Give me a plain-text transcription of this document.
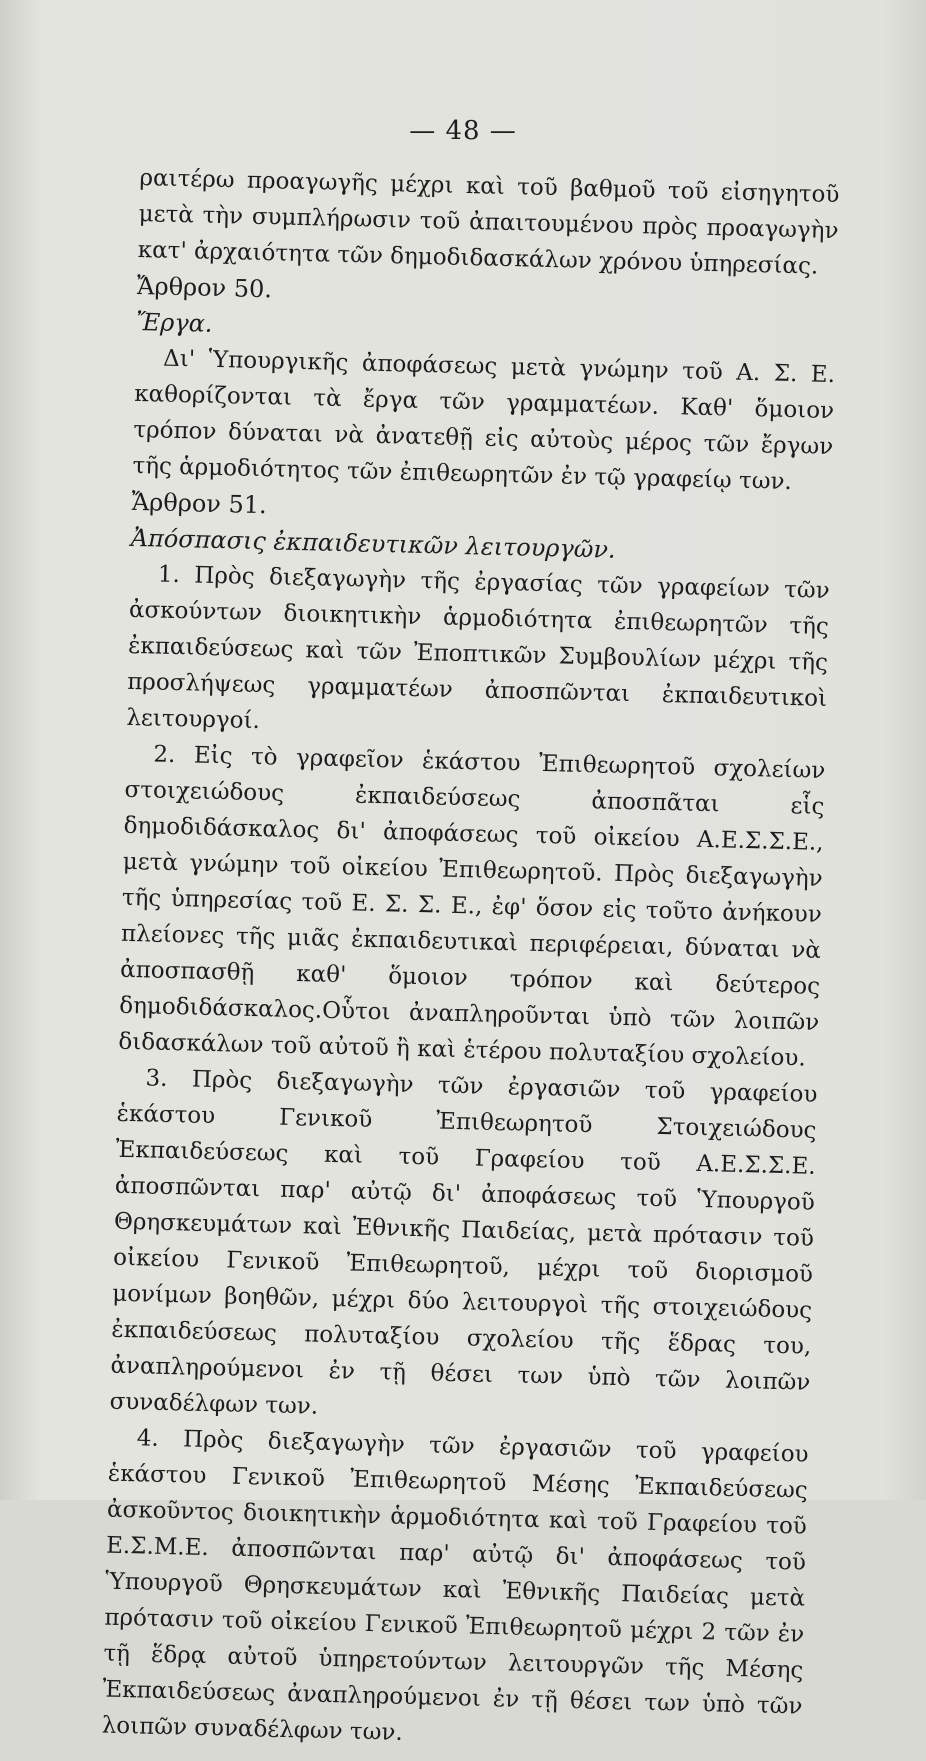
— 48 —

ραιτέρω προαγωγῆς μέχρι καὶ τοῦ βαθμοῦ τοῦ εἰσηγητοῦ μετὰ τὴν συμπλήρωσιν τοῦ ἀπαιτουμένου πρὸς προαγωγὴν κατ' ἀρχαιότητα τῶν δημοδιδασκάλων χρόνου ὑπηρεσίας.

Ἄρθρον 50.

Ἔργα.

Δι' Ὑπουργικῆς ἀποφάσεως μετὰ γνώμην τοῦ Α. Σ. Ε. καθορίζονται τὰ ἔργα τῶν γραμματέων. Καθ' ὅμοιον τρόπον δύναται νὰ ἀνατεθῇ εἰς αὐτοὺς μέρος τῶν ἔργων τῆς ἁρμοδιότητος τῶν ἐπιθεωρητῶν ἐν τῷ γραφείῳ των.

Ἄρθρον 51.

Ἀπόσπασις ἐκπαιδευτικῶν λειτουργῶν.

1. Πρὸς διεξαγωγὴν τῆς ἐργασίας τῶν γραφείων τῶν ἀσκούντων διοικητικὴν ἁρμοδιότητα ἐπιθεωρητῶν τῆς ἐκπαιδεύσεως καὶ τῶν Ἐποπτικῶν Συμβουλίων μέχρι τῆς προσλήψεως γραμματέων ἀποσπῶνται ἐκπαιδευτικοὶ λειτουργοί.

2. Εἰς τὸ γραφεῖον ἑκάστου Ἐπιθεωρητοῦ σχολείων στοιχειώδους ἐκπαιδεύσεως ἀποσπᾶται εἷς δημοδιδάσκαλος δι' ἀποφάσεως τοῦ οἰκείου Α.Ε.Σ.Σ.Ε., μετὰ γνώμην τοῦ οἰκείου Ἐπιθεωρητοῦ. Πρὸς διεξαγωγὴν τῆς ὑπηρεσίας τοῦ Ε. Σ. Σ. Ε., ἐφ' ὅσον εἰς τοῦτο ἀνήκουν πλείονες τῆς μιᾶς ἐκπαιδευτικαὶ περιφέρειαι, δύναται νὰ ἀποσπασθῇ καθ' ὅμοιον τρόπον καὶ δεύτερος δημοδιδάσκαλος.Οὗτοι ἀναπληροῦνται ὑπὸ τῶν λοιπῶν διδασκάλων τοῦ αὐτοῦ ἢ καὶ ἑτέρου πολυταξίου σχολείου.

3. Πρὸς διεξαγωγὴν τῶν ἐργασιῶν τοῦ γραφείου ἑκάστου Γενικοῦ Ἐπιθεωρητοῦ Στοιχειώδους Ἐκπαιδεύσεως καὶ τοῦ Γραφείου τοῦ Α.Ε.Σ.Σ.Ε. ἀποσπῶνται παρ' αὐτῷ δι' ἀποφάσεως τοῦ Ὑπουργοῦ Θρησκευμάτων καὶ Ἐθνικῆς Παιδείας, μετὰ πρότασιν τοῦ οἰκείου Γενικοῦ Ἐπιθεωρητοῦ, μέχρι τοῦ διορισμοῦ μονίμων βοηθῶν, μέχρι δύο λειτουργοὶ τῆς στοιχειώδους ἐκπαιδεύσεως πολυταξίου σχολείου τῆς ἕδρας του, ἀναπληρούμενοι ἐν τῇ θέσει των ὑπὸ τῶν λοιπῶν συναδέλφων των.

4. Πρὸς διεξαγωγὴν τῶν ἐργασιῶν τοῦ γραφείου ἑκάστου Γενικοῦ Ἐπιθεωρητοῦ Μέσης Ἐκπαιδεύσεως ἀσκοῦντος διοικητικὴν ἁρμοδιότητα καὶ τοῦ Γραφείου τοῦ Ε.Σ.Μ.Ε. ἀποσπῶνται παρ' αὐτῷ δι' ἀποφάσεως τοῦ Ὑπουργοῦ Θρησκευμάτων καὶ Ἐθνικῆς Παιδείας μετὰ πρότασιν τοῦ οἰκείου Γενικοῦ Ἐπιθεωρητοῦ μέχρι 2 τῶν ἐν τῇ ἕδρᾳ αὐτοῦ ὑπηρετούντων λειτουργῶν τῆς Μέσης Ἐκπαιδεύσεως ἀναπληρούμενοι ἐν τῇ θέσει των ὑπὸ τῶν λοιπῶν συναδέλφων των.
